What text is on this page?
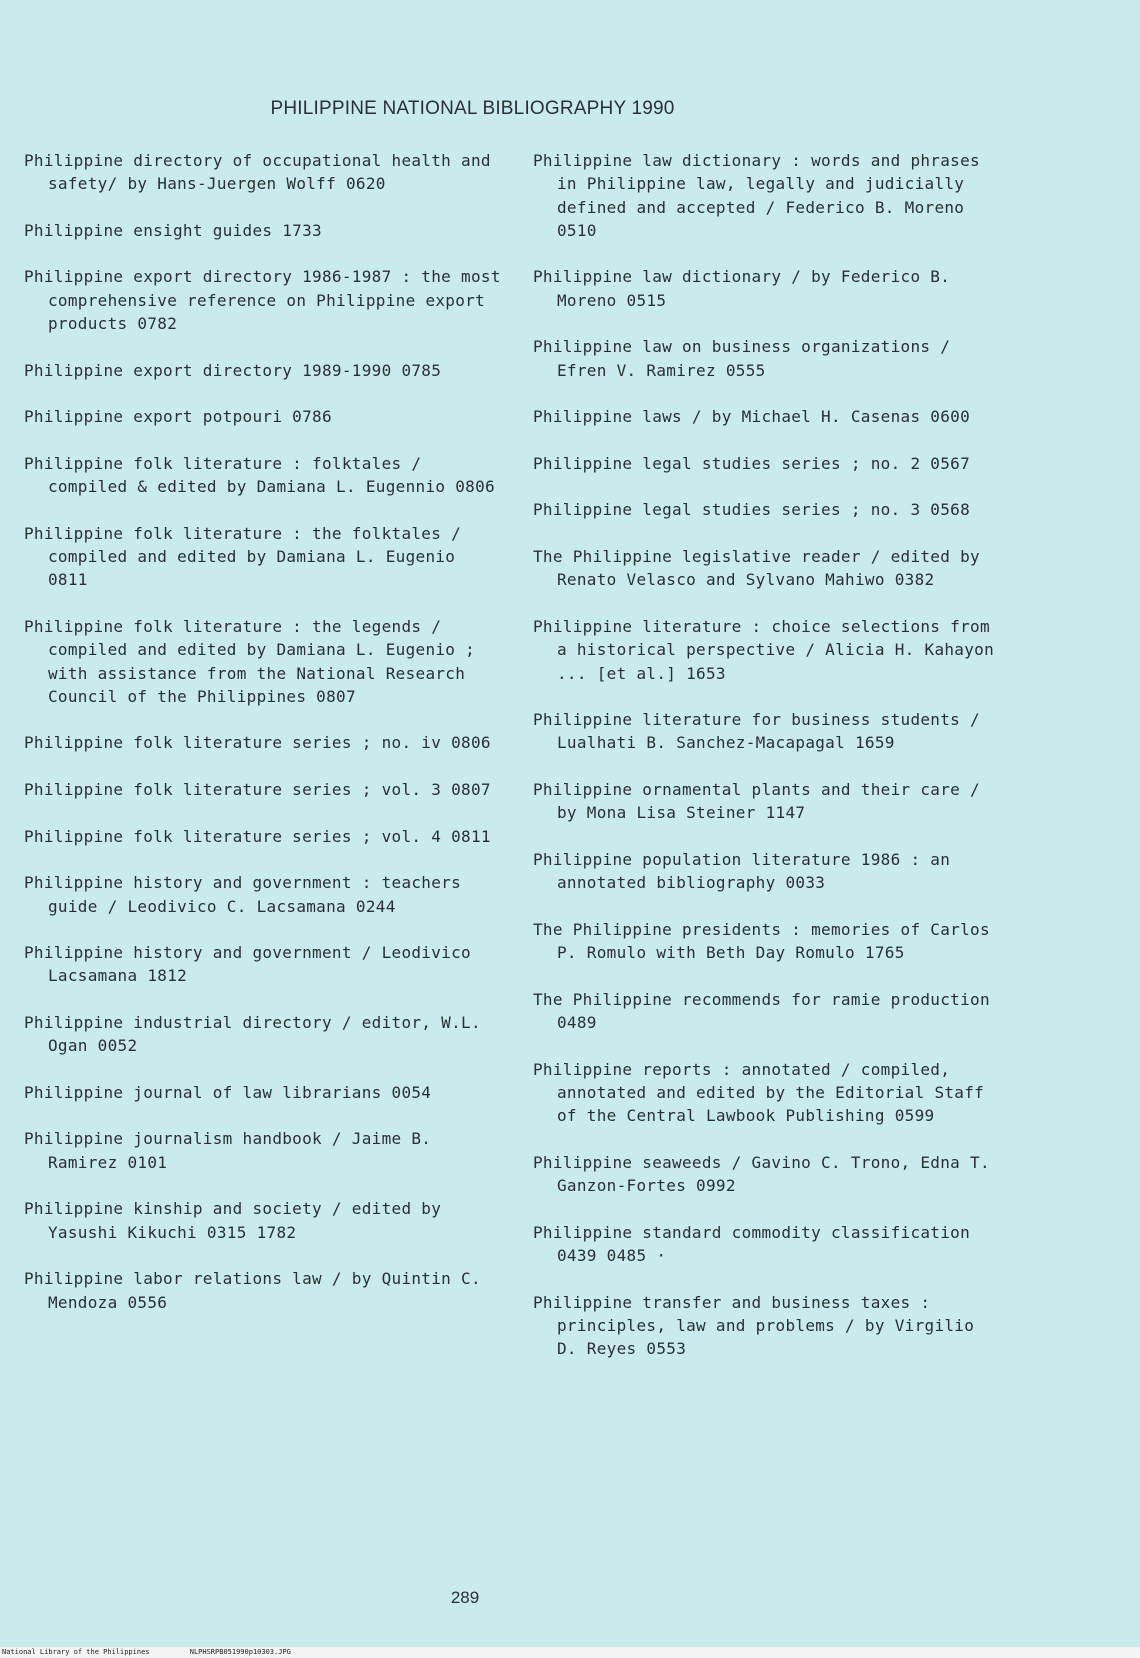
PHILIPPINE NATIONAL BIBLIOGRAPHY 1990
Philippine directory of occupational health and safety/ by Hans-Juergen Wolff 0620
Philippine ensight guides 1733
Philippine export directory 1986-1987 : the most comprehensive reference on Philippine export products 0782
Philippine export directory 1989-1990 0785
Philippine export potpouri 0786
Philippine folk literature : folktales / compiled & edited by Damiana L. Eugennio 0806
Philippine folk literature : the folktales / compiled and edited by Damiana L. Eugenio 0811
Philippine folk literature : the legends / compiled and edited by Damiana L. Eugenio ; with assistance from the National Research Council of the Philippines 0807
Philippine folk literature series ; no. iv 0806
Philippine folk literature series ; vol. 3 0807
Philippine folk literature series ; vol. 4 0811
Philippine history and government : teachers guide / Leodivico C. Lacsamana 0244
Philippine history and government / Leodivico Lacsamana 1812
Philippine industrial directory / editor, W.L. Ogan 0052
Philippine journal of law librarians 0054
Philippine journalism handbook / Jaime B. Ramirez 0101
Philippine kinship and society / edited by Yasushi Kikuchi 0315 1782
Philippine labor relations law / by Quintin C. Mendoza 0556
Philippine law dictionary : words and phrases in Philippine law, legally and judicially defined and accepted / Federico B. Moreno 0510
Philippine law dictionary / by Federico B. Moreno 0515
Philippine law on business organizations / Efren V. Ramirez 0555
Philippine laws / by Michael H. Casenas 0600
Philippine legal studies series ; no. 2 0567
Philippine legal studies series ; no. 3 0568
The Philippine legislative reader / edited by Renato Velasco and Sylvano Mahiwo 0382
Philippine literature : choice selections from a historical perspective / Alicia H. Kahayon ... [et al.] 1653
Philippine literature for business students / Lualhati B. Sanchez-Macapagal 1659
Philippine ornamental plants and their care / by Mona Lisa Steiner 1147
Philippine population literature 1986 : an annotated bibliography 0033
The Philippine presidents : memories of Carlos P. Romulo with Beth Day Romulo 1765
The Philippine recommends for ramie production 0489
Philippine reports : annotated / compiled, annotated and edited by the Editorial Staff of the Central Lawbook Publishing 0599
Philippine seaweeds / Gavino C. Trono, Edna T. Ganzon-Fortes 0992
Philippine standard commodity classification 0439 0485 ·
Philippine transfer and business taxes : principles, law and problems / by Virgilio D. Reyes 0553
289
National Library of the Philippines	NLPHSRPB051990p10303.JPG
